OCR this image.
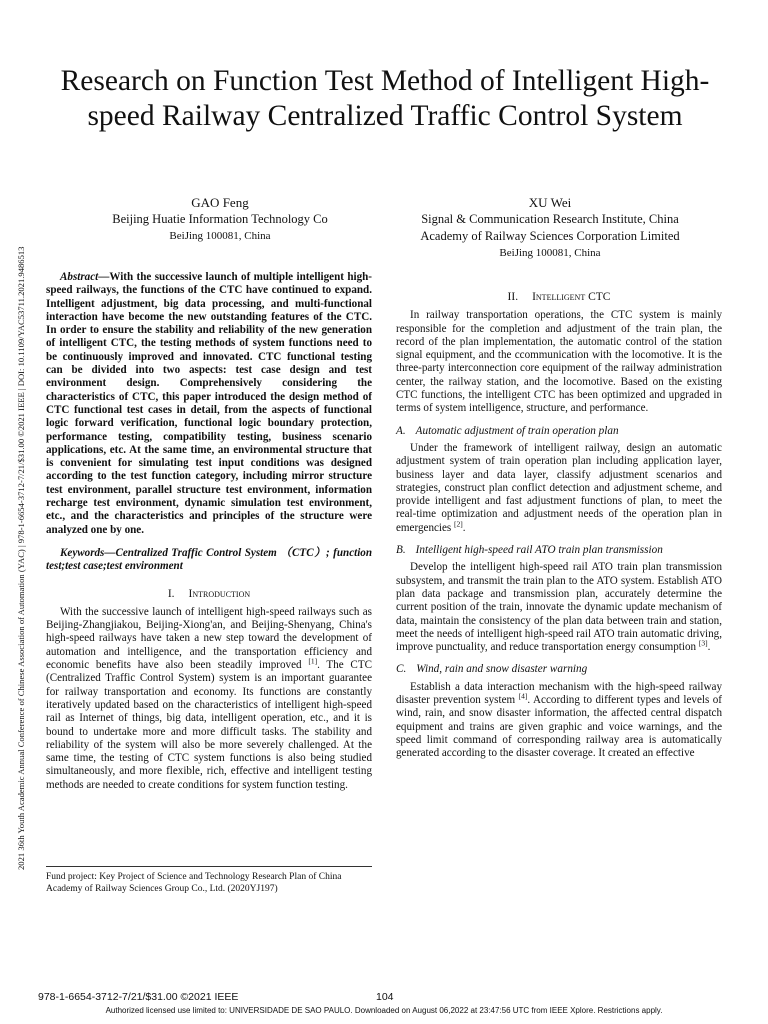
2021 36th Youth Academic Annual Conference of Chinese Association of Automation (YAC) | 978-1-6654-3712-7/21/$31.00 ©2021 IEEE | DOI: 10.1109/YAC53711.2021.9486513
Research on Function Test Method of Intelligent High-speed Railway Centralized Traffic Control System
GAO Feng
Beijing Huatie Information Technology Co
BeiJing 100081, China
XU Wei
Signal & Communication Research Institute, China
Academy of Railway Sciences Corporation Limited
BeiJing 100081, China

Abstract—With the successive launch of multiple intelligent high-speed railways, the functions of the CTC have continued to expand. Intelligent adjustment, big data processing, and multi-functional interaction have become the new outstanding features of the CTC. In order to ensure the stability and reliability of the new generation of intelligent CTC, the testing methods of system functions need to be continuously improved and innovated. CTC functional testing can be divided into two aspects: test case design and test environment design. Comprehensively considering the characteristics of CTC, this paper introduced the design method of CTC functional test cases in detail, from the aspects of functional logic forward verification, functional logic boundary protection, performance testing, compatibility testing, business scenario applications, etc. At the same time, an environmental structure that is convenient for simulating test input conditions was designed according to the test function category, including mirror structure test environment, parallel structure test environment, information recharge test environment, dynamic simulation test environment, etc., and the characteristics and principles of the structure were analyzed one by one.

Keywords—Centralized Traffic Control System （CTC）; function test;test case;test environment

I. Introduction

With the successive launch of intelligent high-speed railways such as Beijing-Zhangjiakou, Beijing-Xiong'an, and Beijing-Shenyang, China's high-speed railways have taken a new step toward the development of automation and intelligence, and the transportation efficiency and economic benefits have also been steadily improved [1]. The CTC (Centralized Traffic Control System) system is an important guarantee for railway transportation and economy. Its functions are constantly iteratively updated based on the characteristics of intelligent high-speed rail as Internet of things, big data, intelligent operation, etc., and it is bound to undertake more and more difficult tasks. The stability and reliability of the system will also be more severely challenged. At the same time, the testing of CTC system functions is also being studied simultaneously, and more flexible, rich, effective and intelligent testing methods are needed to create conditions for system function testing.

Fund project: Key Project of Science and Technology Research Plan of China Academy of Railway Sciences Group Co., Ltd. (2020YJ197)
II. Intelligent CTC

In railway transportation operations, the CTC system is mainly responsible for the completion and adjustment of the train plan, the record of the plan implementation, the automatic control of the station signal equipment, and the ccommunication with the locomotive. It is the three-party interconnection core equipment of the railway administration center, the railway station, and the locomotive. Based on the existing CTC functions, the intelligent CTC has been optimized and upgraded in terms of system intelligence, structure, and performance.

A. Automatic adjustment of train operation plan

Under the framework of intelligent railway, design an automatic adjustment system of train operation plan including application layer, business layer and data layer, classify adjustment scenarios and strategies, construct plan conflict detection and adjustment scheme, and provide intelligent and fast adjustment functions of plan, to meet the real-time optimization and adjustment needs of the operation plan in emergencies [2].

B. Intelligent high-speed rail ATO train plan transmission

Develop the intelligent high-speed rail ATO train plan transmission subsystem, and transmit the train plan to the ATO system. Establish ATO plan data package and transmission plan, accurately determine the current position of the train, innovate the dynamic update mechanism of data, maintain the consistency of the plan data between train and station, meet the needs of intelligent high-speed rail ATO train automatic driving, improve punctuality, and reduce transportation energy consumption [3].

C. Wind, rain and snow disaster warning

Establish a data interaction mechanism with the high-speed railway disaster prevention system [4]. According to different types and levels of wind, rain, and snow disaster information, the affected central dispatch equipment and trains are given graphic and voice warnings, and the speed limit command of corresponding railway area is automatically generated according to the disaster coverage. It created an effective

978-1-6654-3712-7/21/$31.00 ©2021 IEEE	104
Authorized licensed use limited to: UNIVERSIDADE DE SAO PAULO. Downloaded on August 06,2022 at 23:47:56 UTC from IEEE Xplore. Restrictions apply.
